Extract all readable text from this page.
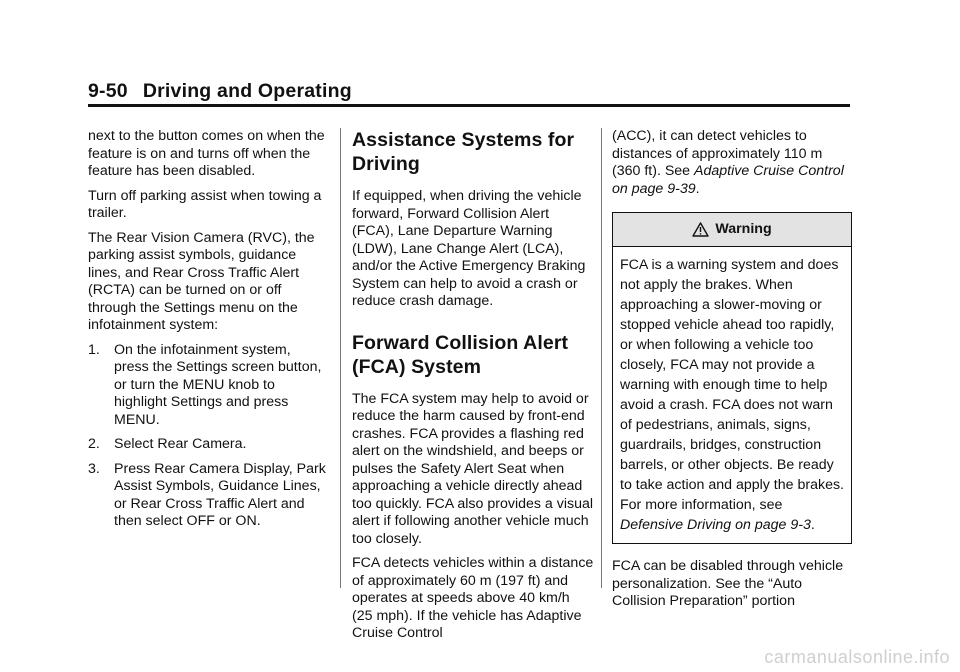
9-50 Driving and Operating

next to the button comes on when the feature is on and turns off when the feature has been disabled.

Turn off parking assist when towing a trailer.

The Rear Vision Camera (RVC), the parking assist symbols, guidance lines, and Rear Cross Traffic Alert (RCTA) can be turned on or off through the Settings menu on the infotainment system:

1. On the infotainment system, press the Settings screen button, or turn the MENU knob to highlight Settings and press MENU.
2. Select Rear Camera.
3. Press Rear Camera Display, Park Assist Symbols, Guidance Lines, or Rear Cross Traffic Alert and then select OFF or ON.
Assistance Systems for Driving

If equipped, when driving the vehicle forward, Forward Collision Alert (FCA), Lane Departure Warning (LDW), Lane Change Alert (LCA), and/or the Active Emergency Braking System can help to avoid a crash or reduce crash damage.

Forward Collision Alert (FCA) System

The FCA system may help to avoid or reduce the harm caused by front-end crashes. FCA provides a flashing red alert on the windshield, and beeps or pulses the Safety Alert Seat when approaching a vehicle directly ahead too quickly. FCA also provides a visual alert if following another vehicle much too closely.

FCA detects vehicles within a distance of approximately 60 m (197 ft) and operates at speeds above 40 km/h (25 mph). If the vehicle has Adaptive Cruise Control

(ACC), it can detect vehicles to distances of approximately 110 m (360 ft). See Adaptive Cruise Control on page 9-39.

Warning

FCA is a warning system and does not apply the brakes. When approaching a slower-moving or stopped vehicle ahead too rapidly, or when following a vehicle too closely, FCA may not provide a warning with enough time to help avoid a crash. FCA does not warn of pedestrians, animals, signs, guardrails, bridges, construction barrels, or other objects. Be ready to take action and apply the brakes. For more information, see Defensive Driving on page 9-3.

FCA can be disabled through vehicle personalization. See the “Auto Collision Preparation” portion

carmanualsonline.info
